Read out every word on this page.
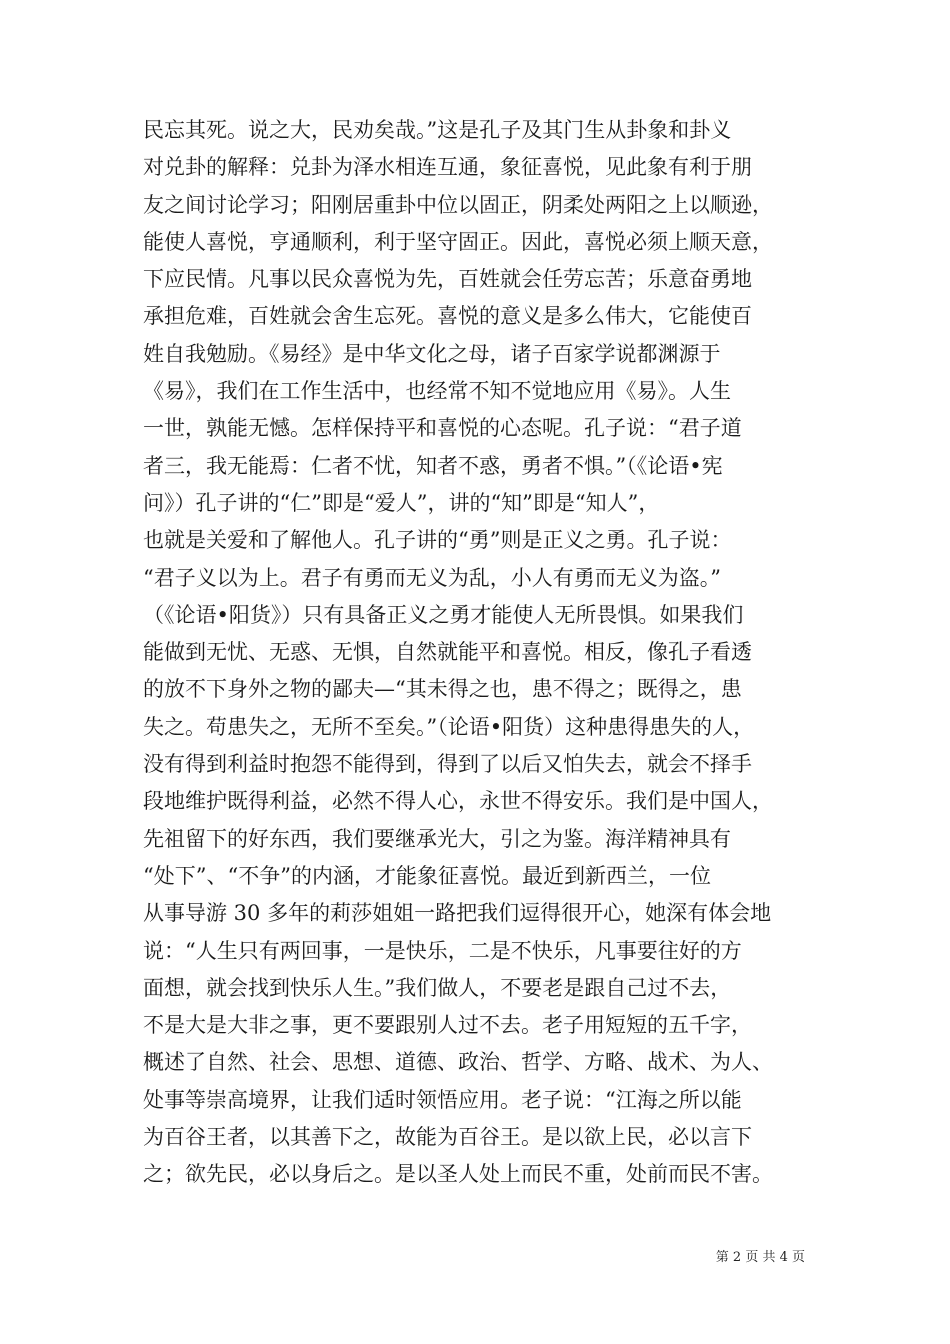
民忘其死。说之大，民劝矣哉。”这是孔子及其门生从卦象和卦义
对兑卦的解释：兑卦为泽水相连互通，象征喜悦，见此象有利于朋
友之间讨论学习；阳刚居重卦中位以固正，阴柔处两阳之上以顺逊，
能使人喜悦，亨通顺利，利于坚守固正。因此，喜悦必须上顺天意，
下应民情。凡事以民众喜悦为先，百姓就会任劳忘苦；乐意奋勇地
承担危难，百姓就会舍生忘死。喜悦的意义是多么伟大，它能使百
姓自我勉励。《易经》是中华文化之母，诸子百家学说都渊源于
《易》，我们在工作生活中，也经常不知不觉地应用《易》。人生
一世，孰能无憾。怎样保持平和喜悦的心态呢。孔子说：“君子道
者三，我无能焉：仁者不忧，知者不惑，勇者不惧。”（《论语•宪
问》）孔子讲的“仁”即是“爱人”，讲的“知”即是“知人”，
也就是关爱和了解他人。孔子讲的“勇”则是正义之勇。孔子说：
“君子义以为上。君子有勇而无义为乱，小人有勇而无义为盗。”
（《论语•阳货》）只有具备正义之勇才能使人无所畏惧。如果我们
能做到无忧、无惑、无惧，自然就能平和喜悦。相反，像孔子看透
的放不下身外之物的鄙夫—“其未得之也，患不得之；既得之，患
失之。苟患失之，无所不至矣。”（论语•阳货）这种患得患失的人，
没有得到利益时抱怨不能得到，得到了以后又怕失去，就会不择手
段地维护既得利益，必然不得人心，永世不得安乐。我们是中国人，
先祖留下的好东西，我们要继承光大，引之为鉴。海洋精神具有
“处下”、“不争”的内涵，才能象征喜悦。最近到新西兰，一位
从事导游 30 多年的莉莎姐姐一路把我们逗得很开心，她深有体会地
说：“人生只有两回事，一是快乐，二是不快乐，凡事要往好的方
面想，就会找到快乐人生。”我们做人，不要老是跟自己过不去，
不是大是大非之事，更不要跟别人过不去。老子用短短的五千字，
概述了自然、社会、思想、道德、政治、哲学、方略、战术、为人、
处事等崇高境界，让我们适时领悟应用。老子说：“江海之所以能
为百谷王者，以其善下之，故能为百谷王。是以欲上民，必以言下
之；欲先民，必以身后之。是以圣人处上而民不重，处前而民不害。
第 2 页 共 4 页
